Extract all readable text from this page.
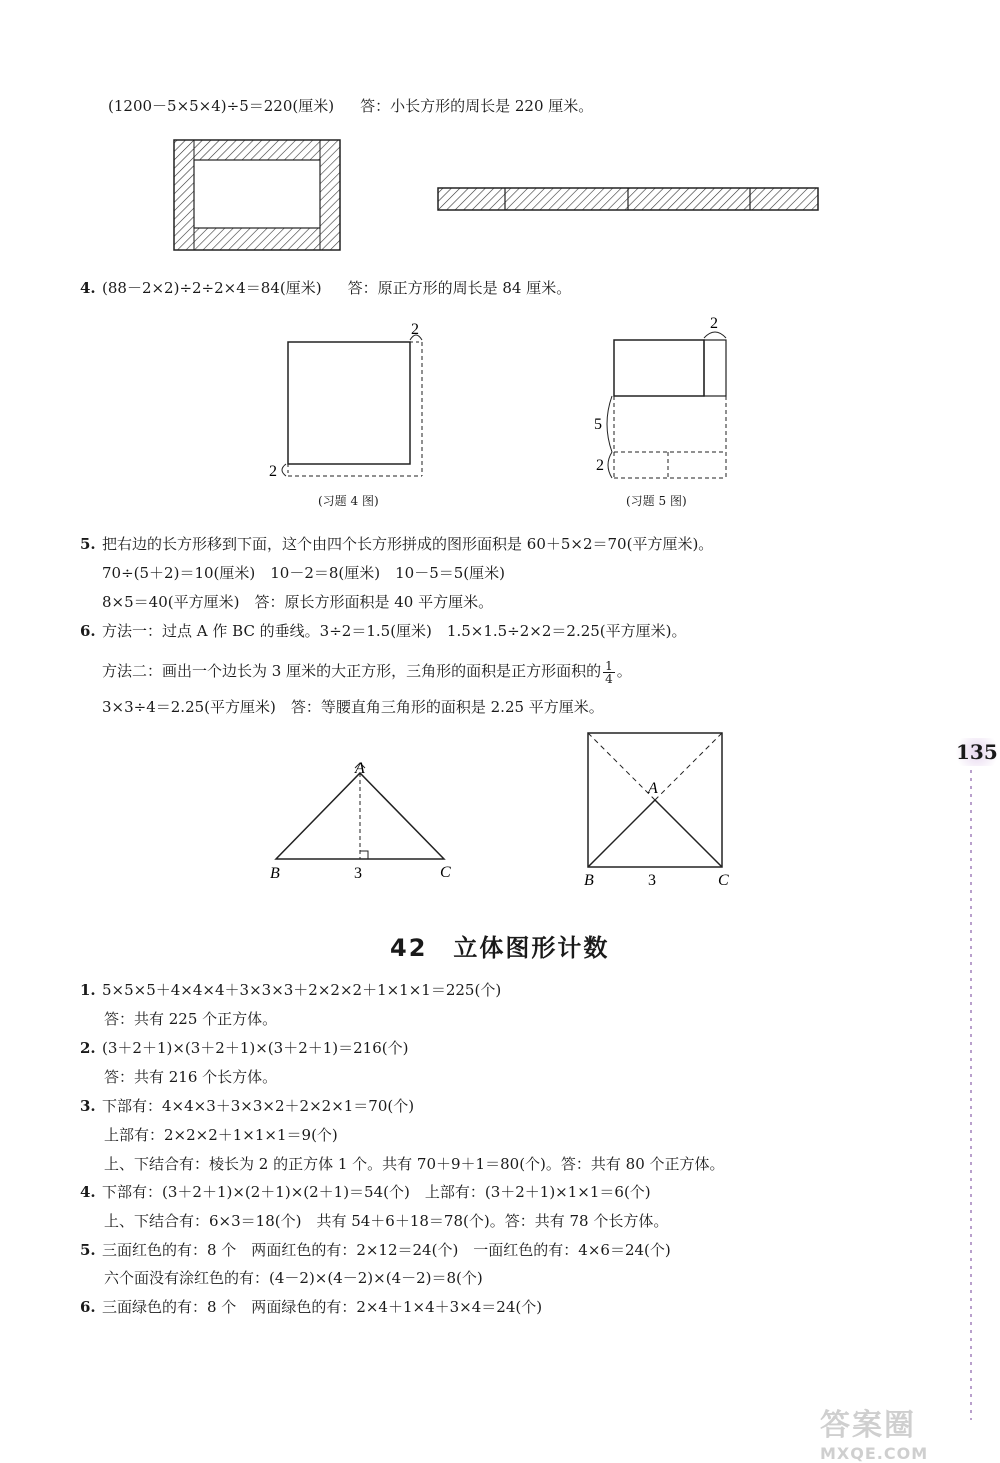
(1200－5×5×4)÷5＝220(厘米) 答：小长方形的周长是 220 厘米。
4. (88－2×2)÷2÷2×4＝84(厘米) 答：原正方形的周长是 84 厘米。
2
2
2
5
2
(习题 4 图)	(习题 5 图)
5. 把右边的长方形移到下面，这个由四个长方形拼成的图形面积是 60＋5×2＝70(平方厘米)。
70÷(5＋2)＝10(厘米)　10－2＝8(厘米)　10－5＝5(厘米)
8×5＝40(平方厘米)　答：原长方形面积是 40 平方厘米。
6. 方法一：过点 A 作 BC 的垂线。3÷2＝1.5(厘米)　1.5×1.5÷2×2＝2.25(平方厘米)。
方法二：画出一个边长为 3 厘米的大正方形，三角形的面积是正方形面积的 $\frac{1}{4}$ 。
3×3÷4＝2.25(平方厘米)　答：等腰直角三角形的面积是 2.25 平方厘米。
A
B	C
3
A
B	C
3
42　立体图形计数
1. 5×5×5＋4×4×4＋3×3×3＋2×2×2＋1×1×1＝225(个)
答：共有 225 个正方体。
2. (3＋2＋1)×(3＋2＋1)×(3＋2＋1)＝216(个)
答：共有 216 个长方体。
3. 下部有：4×4×3＋3×3×2＋2×2×1＝70(个)
上部有：2×2×2＋1×1×1＝9(个)
上、下结合有：棱长为 2 的正方体 1 个。共有 70＋9＋1＝80(个)。答：共有 80 个正方体。
4. 下部有：(3＋2＋1)×(2＋1)×(2＋1)＝54(个)　上部有：(3＋2＋1)×1×1＝6(个)
上、下结合有：6×3＝18(个)　共有 54＋6＋18＝78(个)。答：共有 78 个长方体。
5. 三面红色的有：8 个　两面红色的有：2×12＝24(个)　一面红色的有：4×6＝24(个)
六个面没有涂红色的有：(4－2)×(4－2)×(4－2)＝8(个)
6. 三面绿色的有：8 个　两面绿色的有：2×4＋1×4＋3×4＝24(个)
135
答案圈
MXQE.COM
